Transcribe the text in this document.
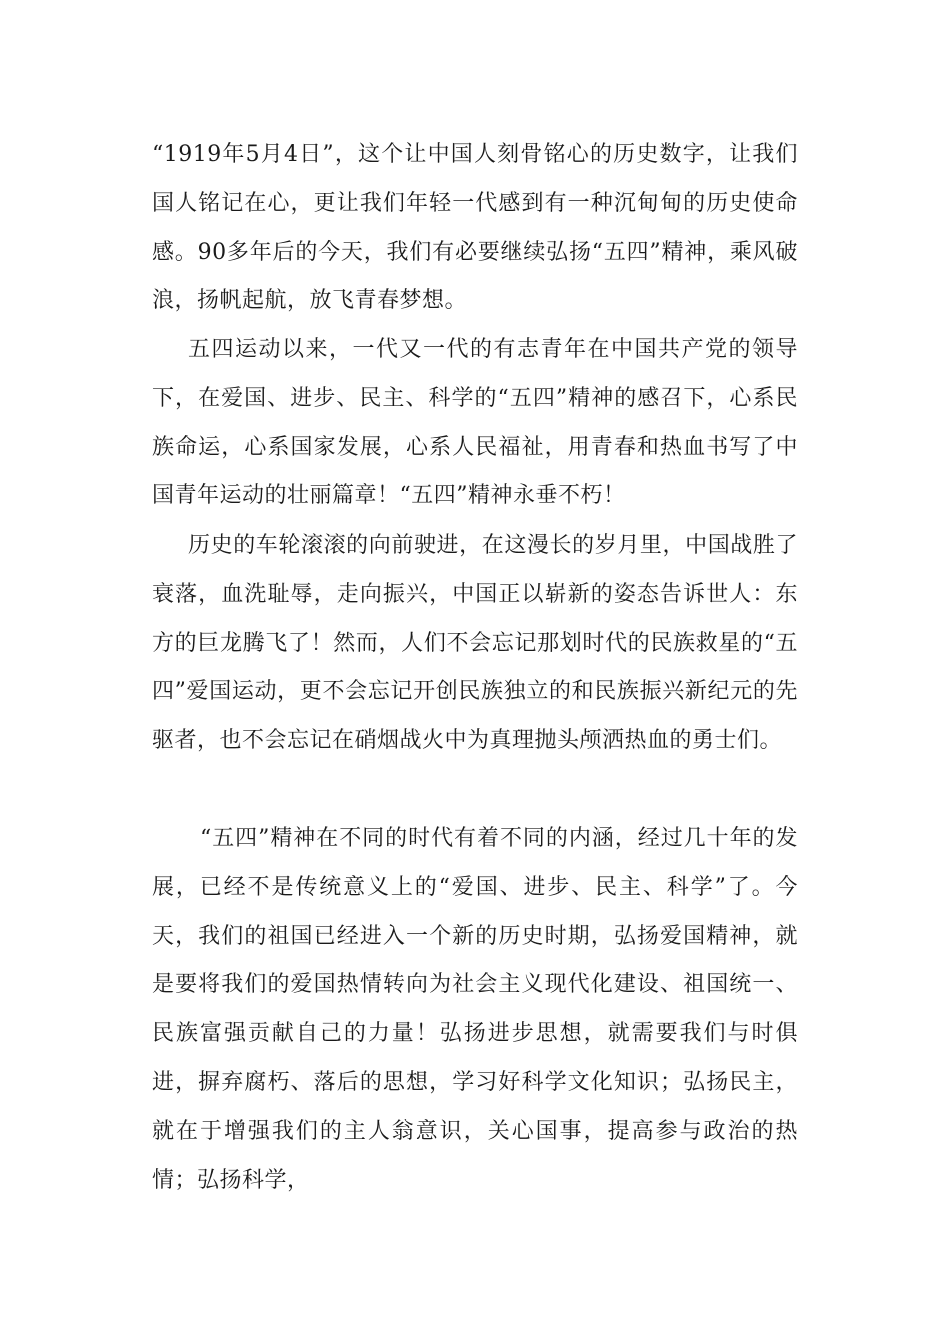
“1919年5月4日”，这个让中国人刻骨铭心的历史数字，让我们国人铭记在心，更让我们年轻一代感到有一种沉甸甸的历史使命感。90多年后的今天，我们有必要继续弘扬“五四”精神，乘风破浪，扬帆起航，放飞青春梦想。

五四运动以来，一代又一代的有志青年在中国共产党的领导下，在爱国、进步、民主、科学的“五四”精神的感召下，心系民族命运，心系国家发展，心系人民福祉，用青春和热血书写了中国青年运动的壮丽篇章！“五四”精神永垂不朽！

历史的车轮滚滚的向前驶进，在这漫长的岁月里，中国战胜了衰落，血洗耻辱，走向振兴，中国正以崭新的姿态告诉世人：东方的巨龙腾飞了！然而，人们不会忘记那划时代的民族救星的“五四”爱国运动，更不会忘记开创民族独立的和民族振兴新纪元的先驱者，也不会忘记在硝烟战火中为真理抛头颅洒热血的勇士们。

“五四”精神在不同的时代有着不同的内涵，经过几十年的发展，已经不是传统意义上的“爱国、进步、民主、科学”了。今天，我们的祖国已经进入一个新的历史时期，弘扬爱国精神，就是要将我们的爱国热情转向为社会主义现代化建设、祖国统一、民族富强贡献自己的力量！弘扬进步思想，就需要我们与时俱进，摒弃腐朽、落后的思想，学习好科学文化知识；弘扬民主，就在于增强我们的主人翁意识，关心国事，提高参与政治的热情；弘扬科学，
